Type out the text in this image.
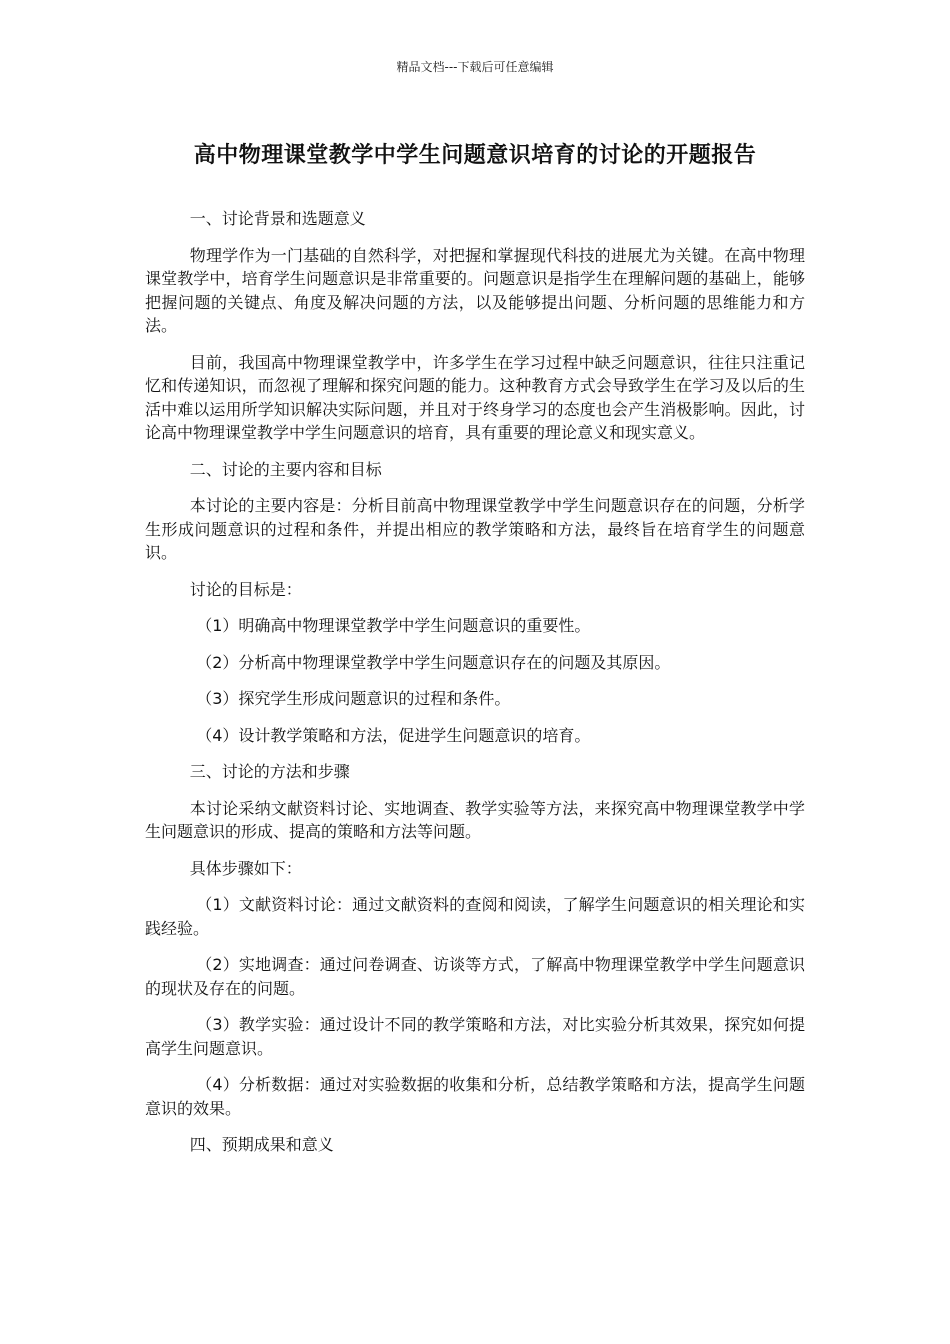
精品文档---下载后可任意编辑
高中物理课堂教学中学生问题意识培育的讨论的开题报告

一、讨论背景和选题意义

物理学作为一门基础的自然科学，对把握和掌握现代科技的进展尤为关键。在高中物理课堂教学中，培育学生问题意识是非常重要的。问题意识是指学生在理解问题的基础上，能够把握问题的关键点、角度及解决问题的方法，以及能够提出问题、分析问题的思维能力和方法。

目前，我国高中物理课堂教学中，许多学生在学习过程中缺乏问题意识，往往只注重记忆和传递知识，而忽视了理解和探究问题的能力。这种教育方式会导致学生在学习及以后的生活中难以运用所学知识解决实际问题，并且对于终身学习的态度也会产生消极影响。因此，讨论高中物理课堂教学中学生问题意识的培育，具有重要的理论意义和现实意义。

二、讨论的主要内容和目标

本讨论的主要内容是：分析目前高中物理课堂教学中学生问题意识存在的问题，分析学生形成问题意识的过程和条件，并提出相应的教学策略和方法，最终旨在培育学生的问题意识。

讨论的目标是：

（1）明确高中物理课堂教学中学生问题意识的重要性。

（2）分析高中物理课堂教学中学生问题意识存在的问题及其原因。

（3）探究学生形成问题意识的过程和条件。

（4）设计教学策略和方法，促进学生问题意识的培育。

三、讨论的方法和步骤

本讨论采纳文献资料讨论、实地调查、教学实验等方法，来探究高中物理课堂教学中学生问题意识的形成、提高的策略和方法等问题。

具体步骤如下：

（1）文献资料讨论：通过文献资料的查阅和阅读，了解学生问题意识的相关理论和实践经验。

（2）实地调查：通过问卷调查、访谈等方式，了解高中物理课堂教学中学生问题意识的现状及存在的问题。

（3）教学实验：通过设计不同的教学策略和方法，对比实验分析其效果，探究如何提高学生问题意识。

（4）分析数据：通过对实验数据的收集和分析，总结教学策略和方法，提高学生问题意识的效果。

四、预期成果和意义
